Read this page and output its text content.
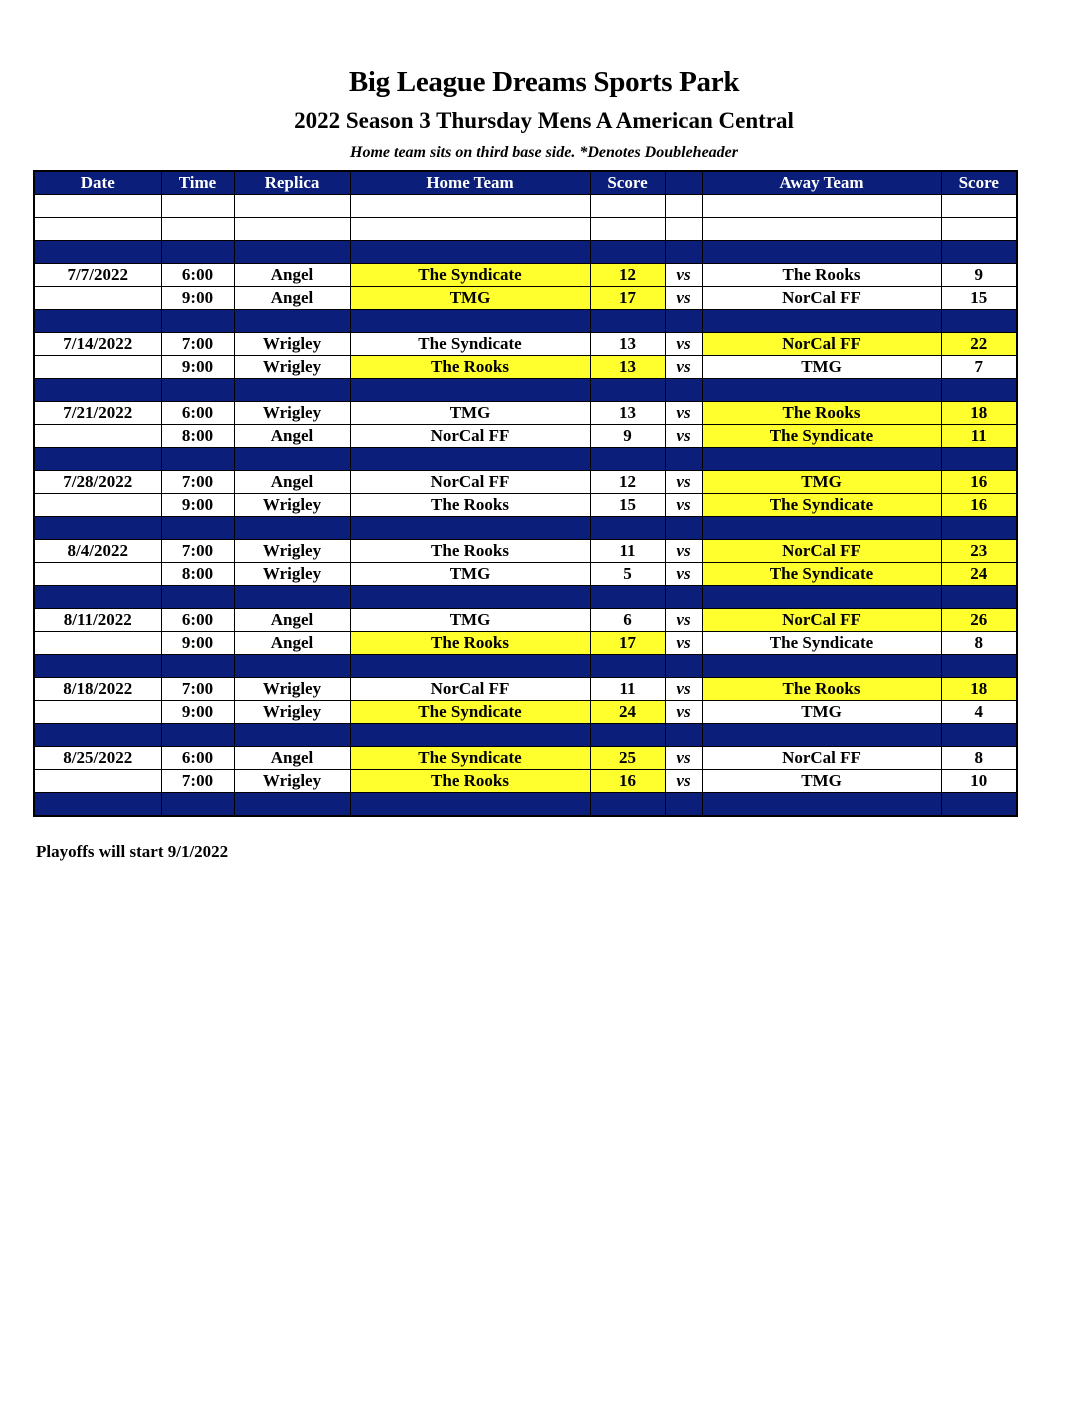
Big League Dreams Sports Park
2022 Season 3 Thursday Mens A American Central
Home team sits on third base side. *Denotes Doubleheader
Date	Time	Replica	Home Team	Score		Away Team	Score

7/7/2022	6:00	Angel	The Syndicate	12	vs	The Rooks	9
	9:00	Angel	TMG	17	vs	NorCal FF	15

7/14/2022	7:00	Wrigley	The Syndicate	13	vs	NorCal FF	22
	9:00	Wrigley	The Rooks	13	vs	TMG	7

7/21/2022	6:00	Wrigley	TMG	13	vs	The Rooks	18
	8:00	Angel	NorCal FF	9	vs	The Syndicate	11

7/28/2022	7:00	Angel	NorCal FF	12	vs	TMG	16
	9:00	Wrigley	The Rooks	15	vs	The Syndicate	16

8/4/2022	7:00	Wrigley	The Rooks	11	vs	NorCal FF	23
	8:00	Wrigley	TMG	5	vs	The Syndicate	24

8/11/2022	6:00	Angel	TMG	6	vs	NorCal FF	26
	9:00	Angel	The Rooks	17	vs	The Syndicate	8

8/18/2022	7:00	Wrigley	NorCal FF	11	vs	The Rooks	18
	9:00	Wrigley	The Syndicate	24	vs	TMG	4

8/25/2022	6:00	Angel	The Syndicate	25	vs	NorCal FF	8
	7:00	Wrigley	The Rooks	16	vs	TMG	10

Playoffs will start 9/1/2022
